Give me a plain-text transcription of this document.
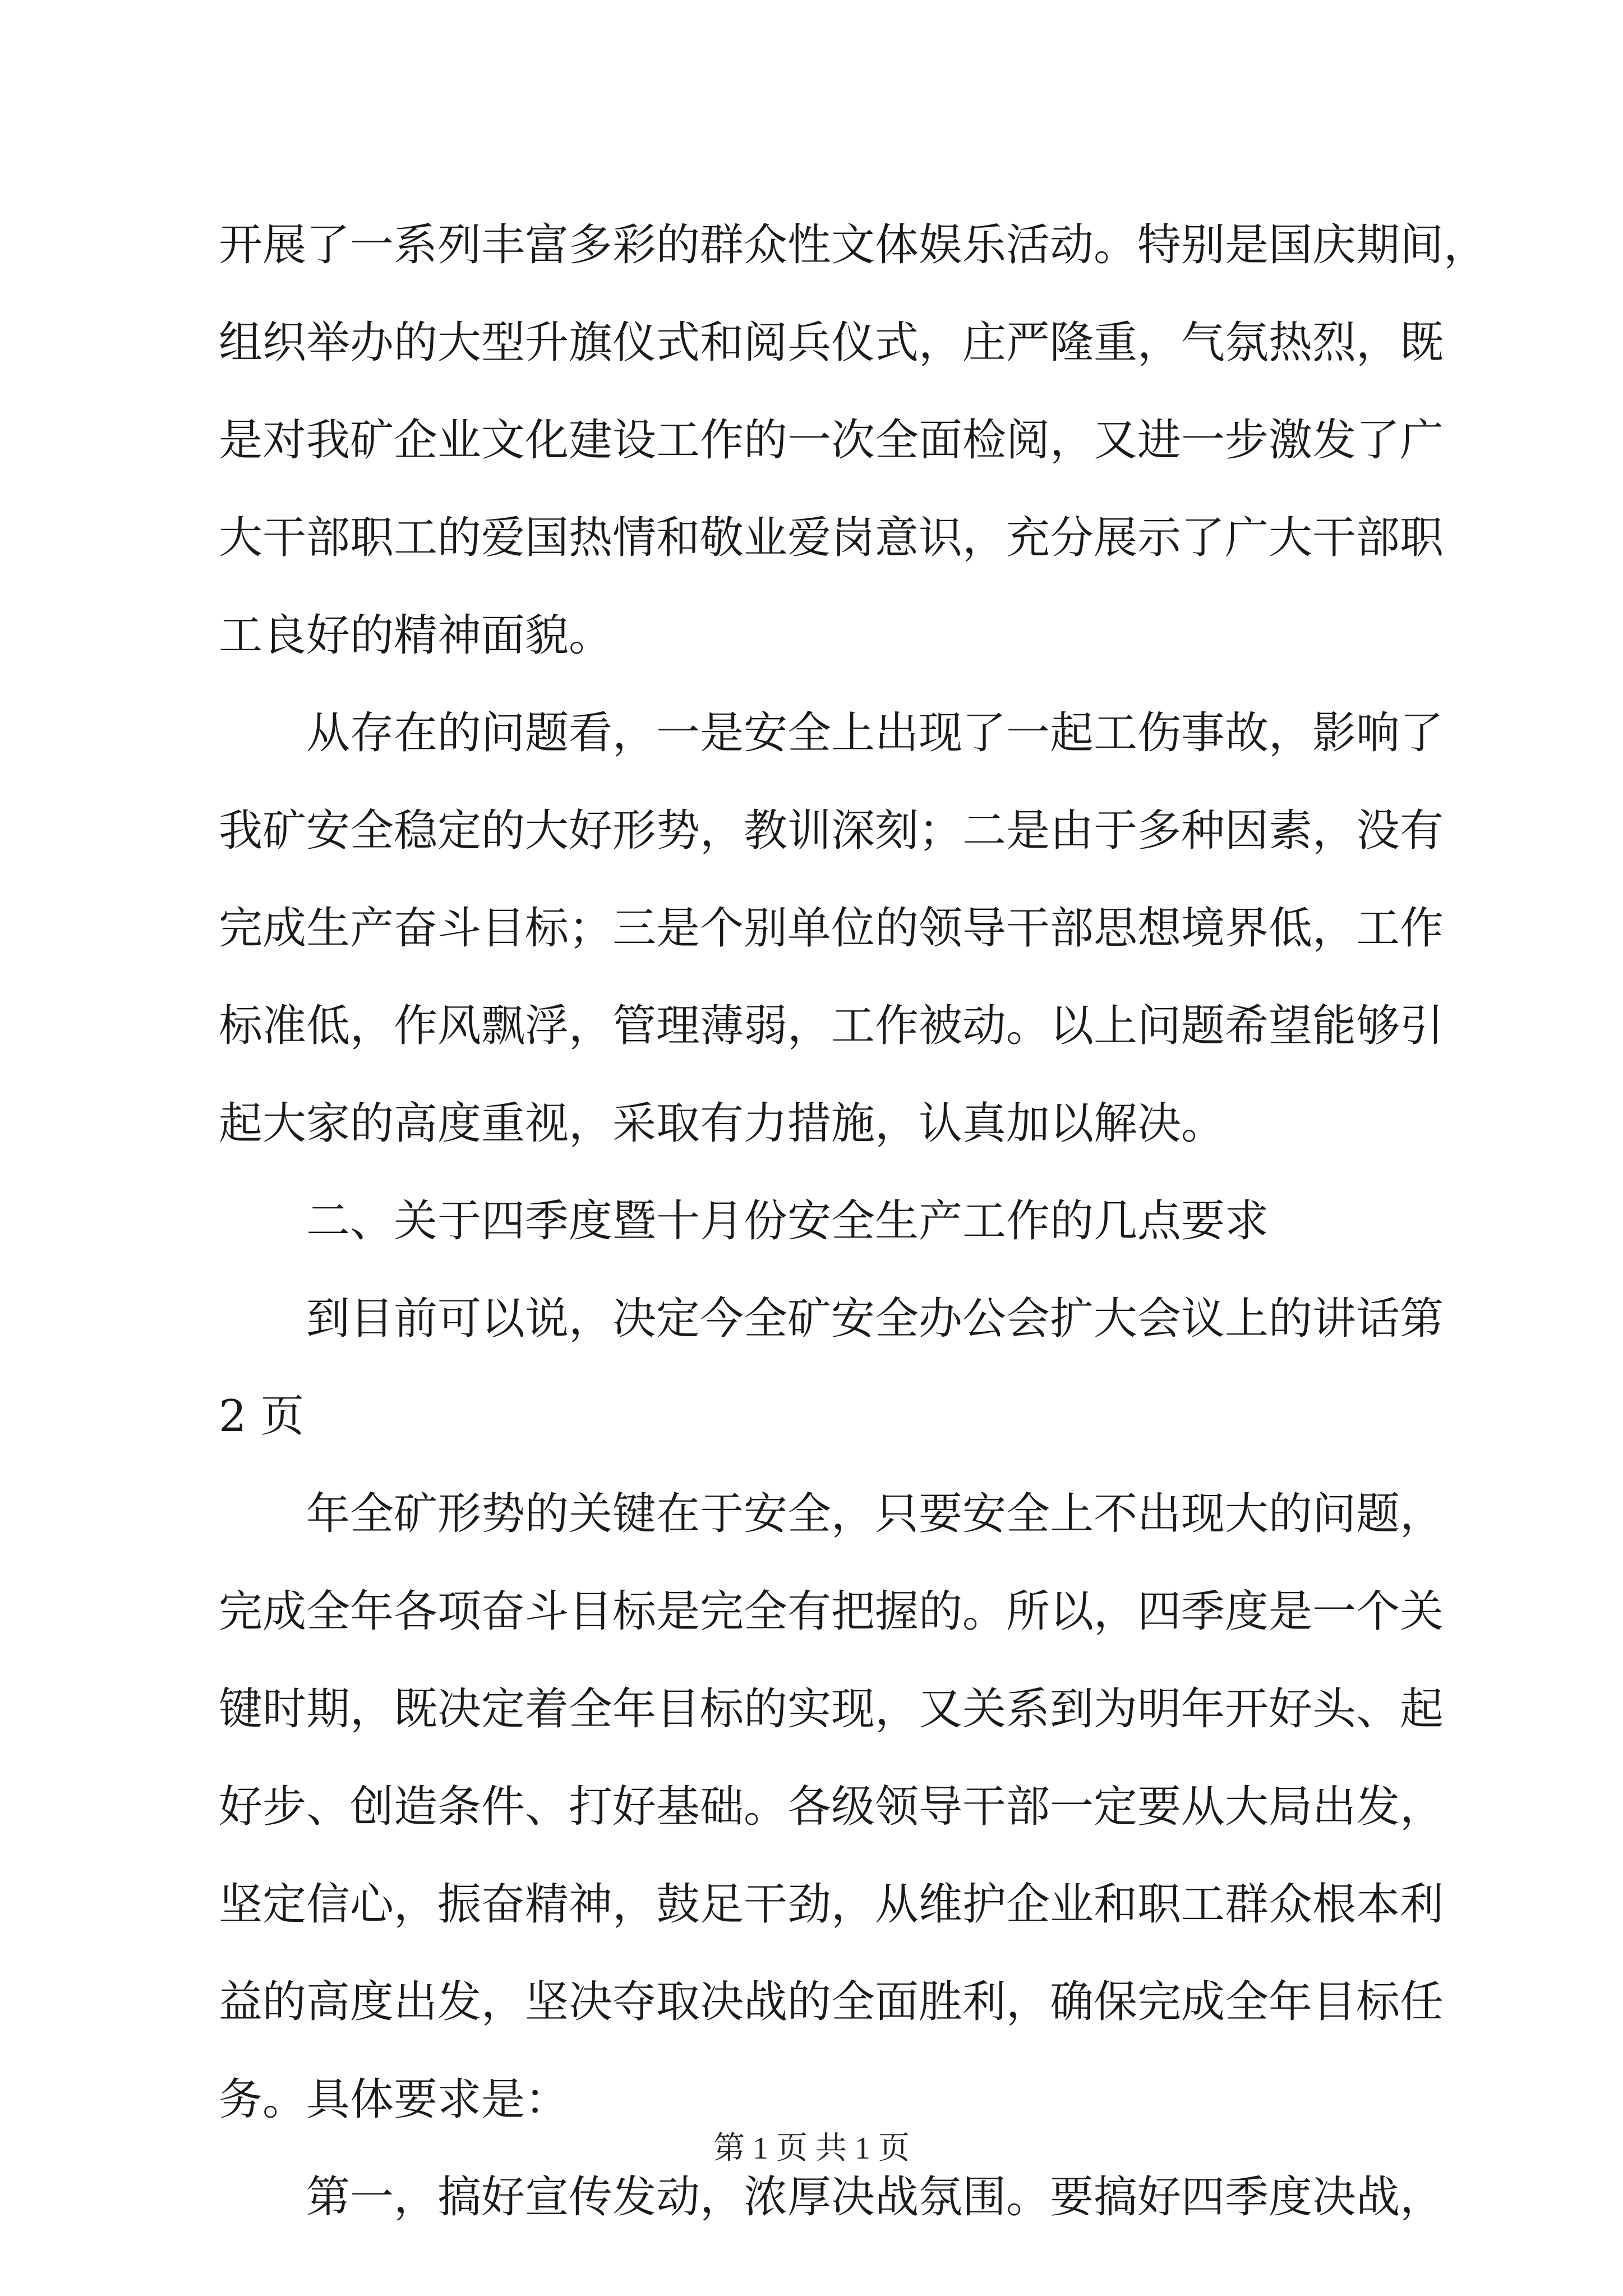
开展了一系列丰富多彩的群众性文体娱乐活动。特别是国庆期间，
组织举办的大型升旗仪式和阅兵仪式，庄严隆重，气氛热烈，既
是对我矿企业文化建设工作的一次全面检阅，又进一步激发了广
大干部职工的爱国热情和敬业爱岗意识，充分展示了广大干部职
工良好的精神面貌。
从存在的问题看，一是安全上出现了一起工伤事故，影响了
我矿安全稳定的大好形势，教训深刻；二是由于多种因素，没有
完成生产奋斗目标；三是个别单位的领导干部思想境界低，工作
标准低，作风飘浮，管理薄弱，工作被动。以上问题希望能够引
起大家的高度重视，采取有力措施，认真加以解决。
二、关于四季度暨十月份安全生产工作的几点要求
到目前可以说，决定今全矿安全办公会扩大会议上的讲话第
2 页
年全矿形势的关键在于安全，只要安全上不出现大的问题，
完成全年各项奋斗目标是完全有把握的。所以，四季度是一个关
键时期，既决定着全年目标的实现，又关系到为明年开好头、起
好步、创造条件、打好基础。各级领导干部一定要从大局出发，
坚定信心，振奋精神，鼓足干劲，从维护企业和职工群众根本利
益的高度出发，坚决夺取决战的全面胜利，确保完成全年目标任
务。具体要求是：
第一，搞好宣传发动，浓厚决战氛围。要搞好四季度决战，
第 1 页 共 1 页
